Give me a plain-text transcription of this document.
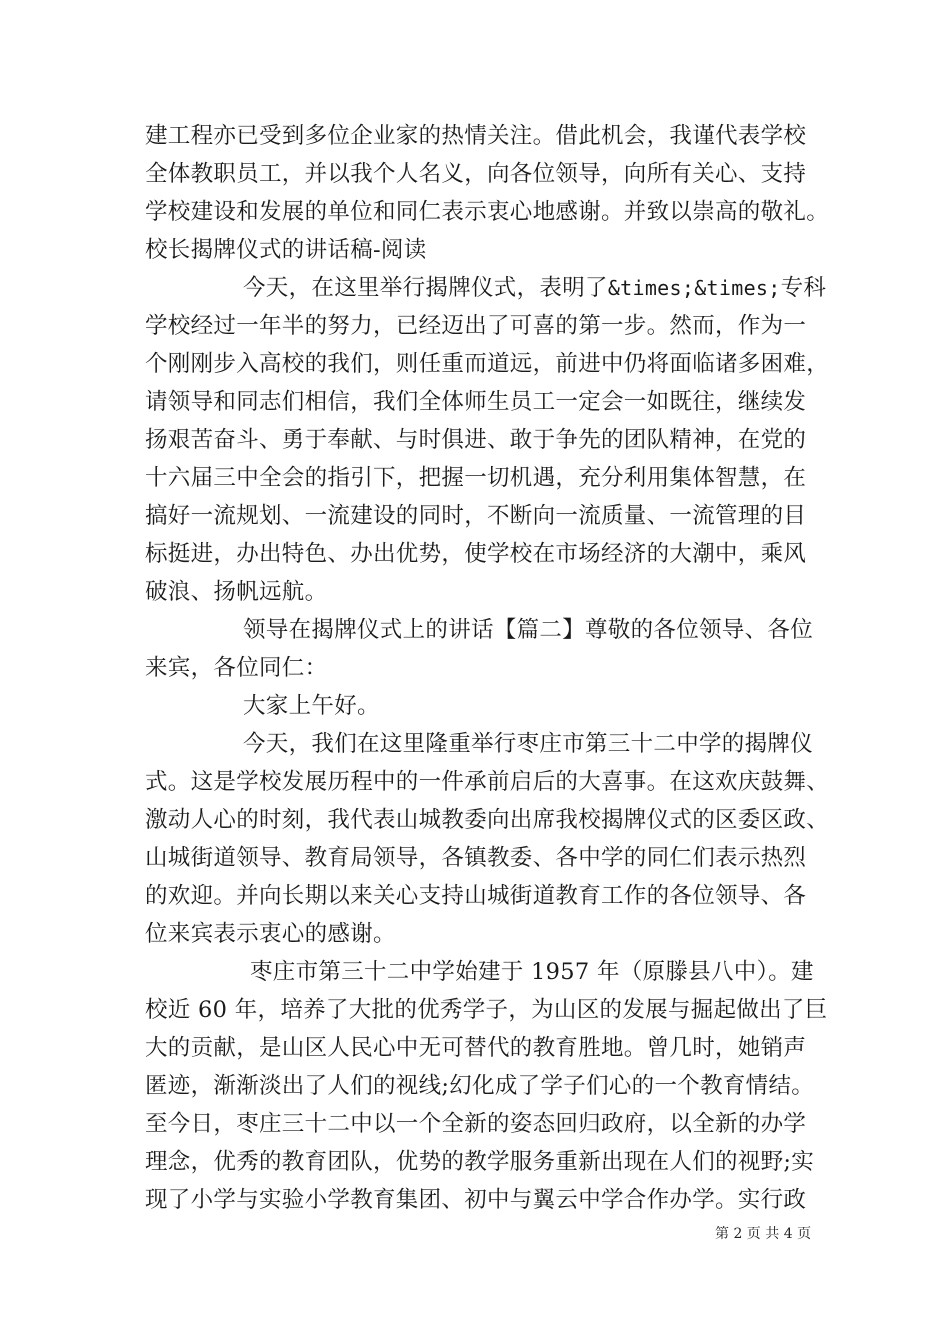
建工程亦已受到多位企业家的热情关注。借此机会，我谨代表学校
全体教职员工，并以我个人名义，向各位领导，向所有关心、支持
学校建设和发展的单位和同仁表示衷心地感谢。并致以崇高的敬礼。
校长揭牌仪式的讲话稿-阅读
今天，在这里举行揭牌仪式，表明了&times;&times;专科
学校经过一年半的努力，已经迈出了可喜的第一步。然而，作为一
个刚刚步入高校的我们，则任重而道远，前进中仍将面临诸多困难，
请领导和同志们相信，我们全体师生员工一定会一如既往，继续发
扬艰苦奋斗、勇于奉献、与时俱进、敢于争先的团队精神，在党的
十六届三中全会的指引下，把握一切机遇，充分利用集体智慧，在
搞好一流规划、一流建设的同时，不断向一流质量、一流管理的目
标挺进，办出特色、办出优势，使学校在市场经济的大潮中，乘风
破浪、扬帆远航。
领导在揭牌仪式上的讲话【篇二】尊敬的各位领导、各位
来宾，各位同仁：
大家上午好。
今天，我们在这里隆重举行枣庄市第三十二中学的揭牌仪
式。这是学校发展历程中的一件承前启后的大喜事。在这欢庆鼓舞、
激动人心的时刻，我代表山城教委向出席我校揭牌仪式的区委区政、
山城街道领导、教育局领导，各镇教委、各中学的同仁们表示热烈
的欢迎。并向长期以来关心支持山城街道教育工作的各位领导、各
位来宾表示衷心的感谢。
枣庄市第三十二中学始建于 1957 年（原滕县八中）。建
校近 60 年，培养了大批的优秀学子，为山区的发展与掘起做出了巨
大的贡献，是山区人民心中无可替代的教育胜地。曾几时，她销声
匿迹，渐渐淡出了人们的视线;幻化成了学子们心的一个教育情结。
至今日，枣庄三十二中以一个全新的姿态回归政府，以全新的办学
理念，优秀的教育团队，优势的教学服务重新出现在人们的视野;实
现了小学与实验小学教育集团、初中与翼云中学合作办学。实行政
第 2 页 共 4 页
